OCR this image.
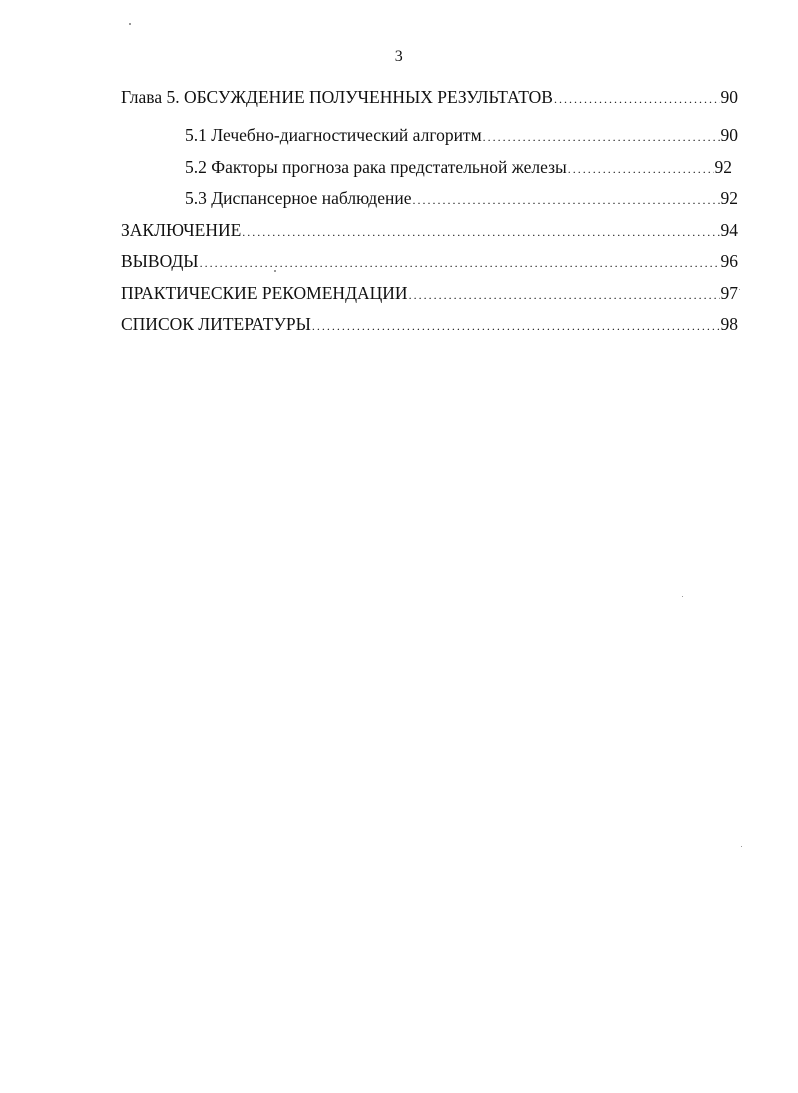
3
Глава 5. ОБСУЖДЕНИЕ ПОЛУЧЕННЫХ РЕЗУЛЬТАТОВ .....	90
5.1 Лечебно-диагностический алгоритм .....	90
5.2 Факторы прогноза рака предстательной железы .....	92
5.3 Диспансерное наблюдение .....	92
ЗАКЛЮЧЕНИЕ .....	94
ВЫВОДЫ .....	96
ПРАКТИЧЕСКИЕ РЕКОМЕНДАЦИИ .....	97
СПИСОК ЛИТЕРАТУРЫ .....	98
